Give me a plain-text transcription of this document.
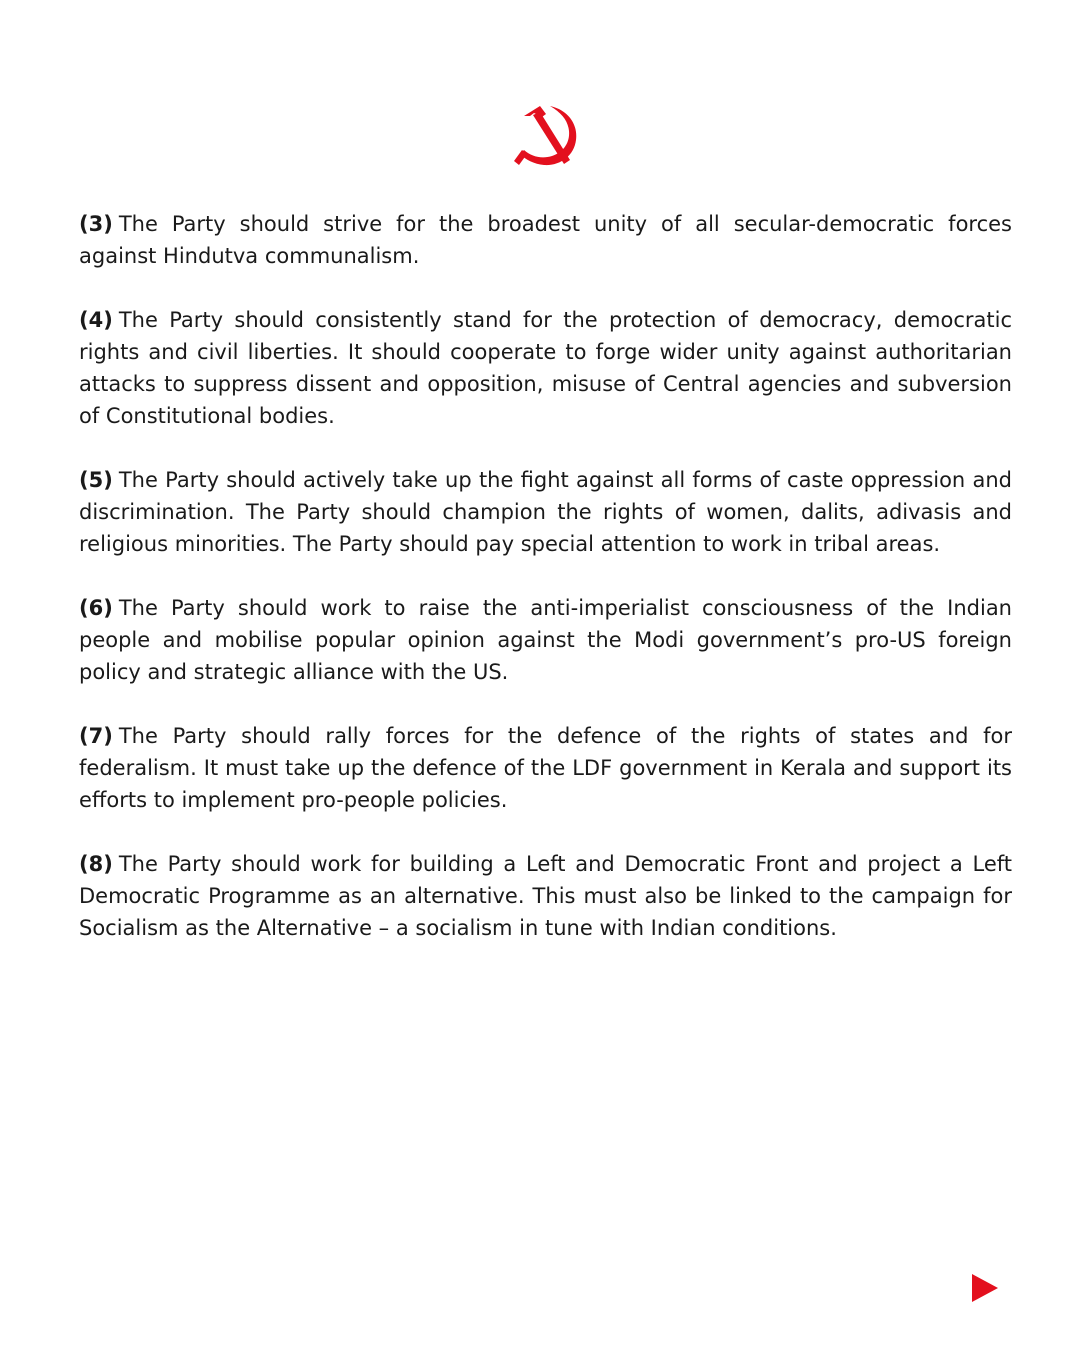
(3) The Party should strive for the broadest unity of all secular-democratic forces against Hindutva communalism.

(4) The Party should consistently stand for the protection of democracy, democratic rights and civil liberties. It should cooperate to forge wider unity against authoritarian attacks to suppress dissent and opposition, misuse of Central agencies and subversion of Constitutional bodies.

(5) The Party should actively take up the fight against all forms of caste oppression and discrimination. The Party should champion the rights of women, dalits, adivasis and religious minorities. The Party should pay special attention to work in tribal areas.

(6) The Party should work to raise the anti-imperialist consciousness of the Indian people and mobilise popular opinion against the Modi government’s pro-US foreign policy and strategic alliance with the US.

(7) The Party should rally forces for the defence of the rights of states and for federalism. It must take up the defence of the LDF government in Kerala and support its efforts to implement pro-people policies.

(8) The Party should work for building a Left and Democratic Front and project a Left Democratic Programme as an alternative. This must also be linked to the campaign for Socialism as the Alternative – a socialism in tune with Indian conditions.
